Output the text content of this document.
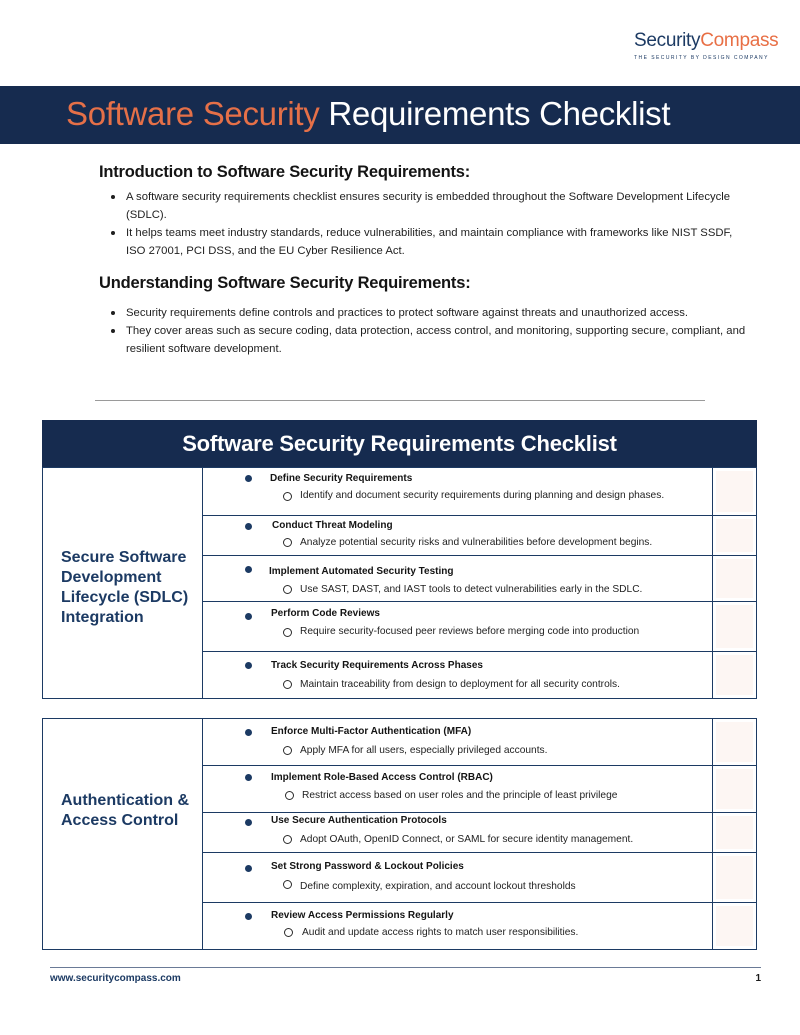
SecurityCompass
THE SECURITY BY DESIGN COMPANY
Software Security Requirements Checklist
Introduction to Software Security Requirements:
A software security requirements checklist ensures security is embedded throughout the Software Development Lifecycle (SDLC).
It helps teams meet industry standards, reduce vulnerabilities, and maintain compliance with frameworks like NIST SSDF, ISO 27001, PCI DSS, and the EU Cyber Resilience Act.
Understanding Software Security Requirements:
Security requirements define controls and practices to protect software against threats and unauthorized access.
They cover areas such as secure coding, data protection, access control, and monitoring, supporting secure, compliant, and resilient software development.
Software Security Requirements Checklist
Secure Software Development Lifecycle (SDLC) Integration
Define Security Requirements
Identify and document security requirements during planning and design phases.
Conduct Threat Modeling
Analyze potential security risks and vulnerabilities before development begins.
Implement Automated Security Testing
Use SAST, DAST, and IAST tools to detect vulnerabilities early in the SDLC.
Perform Code Reviews
Require security-focused peer reviews before merging code into production
Track Security Requirements Across Phases
Maintain traceability from design to deployment for all security controls.
Authentication & Access Control
Enforce Multi-Factor Authentication (MFA)
Apply MFA for all users, especially privileged accounts.
Implement Role-Based Access Control (RBAC)
Restrict access based on user roles and the principle of least privilege
Use Secure Authentication Protocols
Adopt OAuth, OpenID Connect, or SAML for secure identity management.
Set Strong Password & Lockout Policies
Define complexity, expiration, and account lockout thresholds
Review Access Permissions Regularly
Audit and update access rights to match user responsibilities.
www.securitycompass.com	1
